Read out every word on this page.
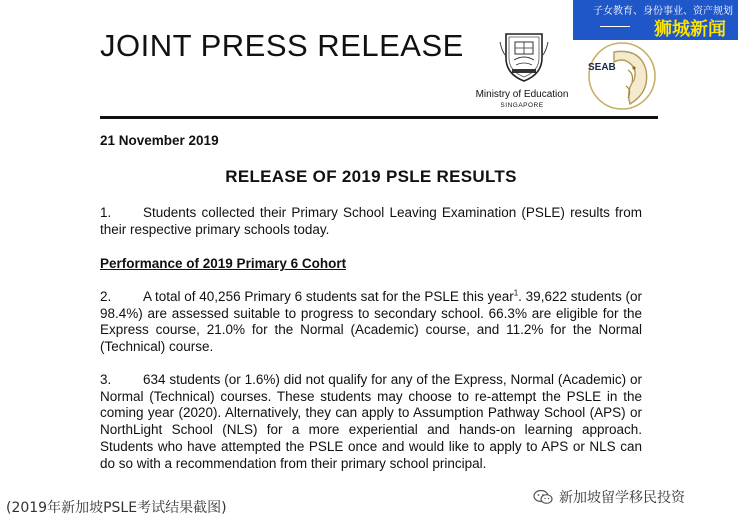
JOINT PRESS RELEASE
Ministry of Education
SINGAPORE
SEAB
子女教育、身份事业、资产规划
狮城新闻
21 November 2019
RELEASE OF 2019 PSLE RESULTS
1. Students collected their Primary School Leaving Examination (PSLE) results from their respective primary schools today.
Performance of 2019 Primary 6 Cohort
2. A total of 40,256 Primary 6 students sat for the PSLE this year$^1$. 39,622 students (or 98.4%) are assessed suitable to progress to secondary school. 66.3% are eligible for the Express course, 21.0% for the Normal (Academic) course, and 11.2% for the Normal (Technical) course.
3. 634 students (or 1.6%) did not qualify for any of the Express, Normal (Academic) or Normal (Technical) courses. These students may choose to re-attempt the PSLE in the coming year (2020). Alternatively, they can apply to Assumption Pathway School (APS) or NorthLight School (NLS) for a more experiential and hands-on learning approach. Students who have attempted the PSLE once and would like to apply to APS or NLS can do so with a recommendation from their primary school principal.
(2019年新加坡PSLE考试结果截图)
新加坡留学移民投资
